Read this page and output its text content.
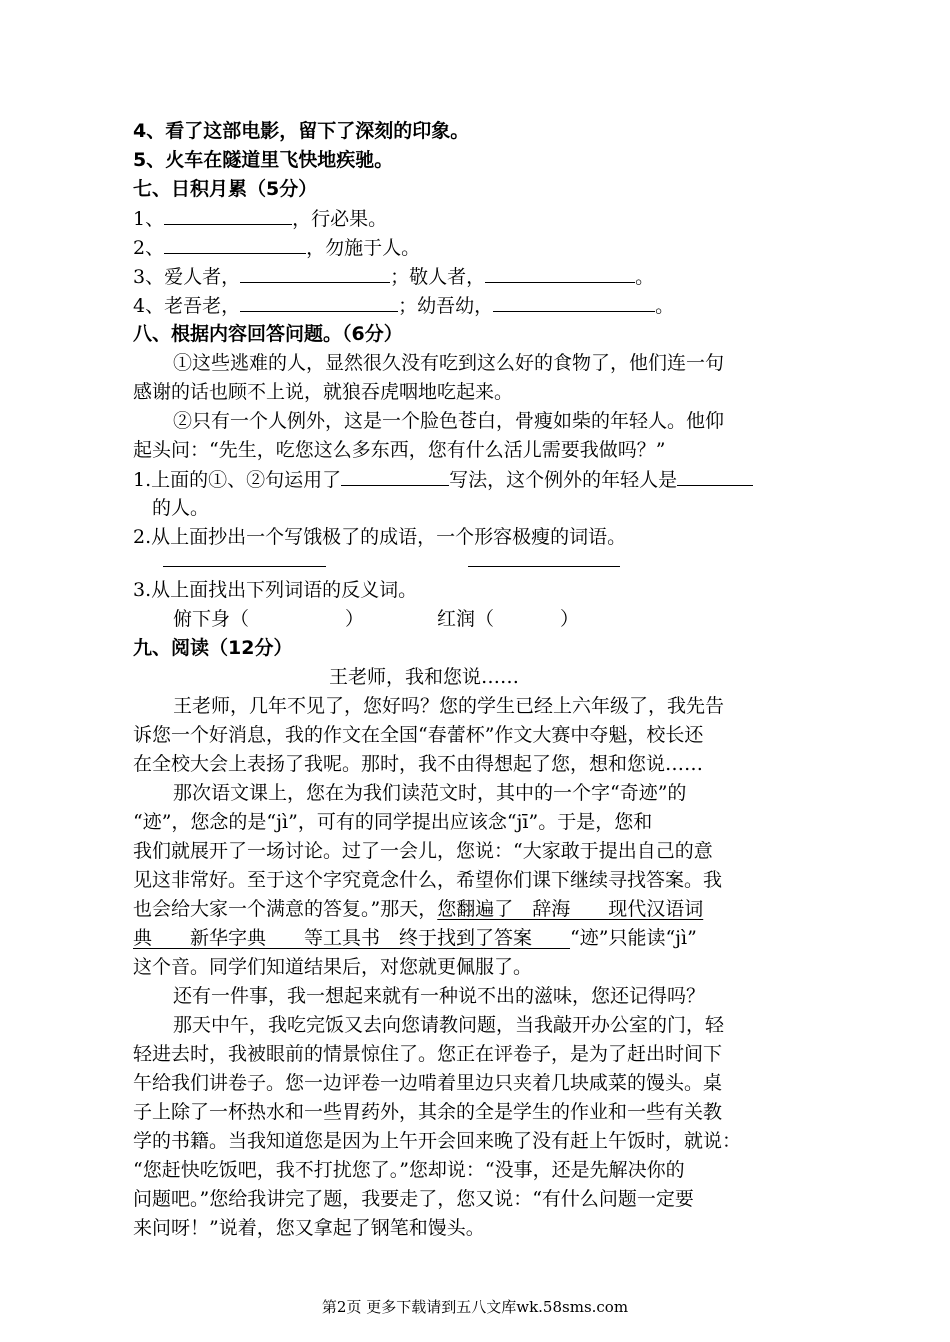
4、看了这部电影，留下了深刻的印象。
5、火车在隧道里飞快地疾驰。
七、日积月累（5分）
1、	，行必果。
2、	，勿施于人。
3、爱人者，	；敬人者，	。
4、老吾老，	；幼吾幼，	。
八、根据内容回答问题。（6分）
①这些逃难的人，显然很久没有吃到这么好的食物了，他们连一句
感谢的话也顾不上说，就狼吞虎咽地吃起来。
②只有一个人例外，这是一个脸色苍白，骨瘦如柴的年轻人。他仰
起头问：“先生，吃您这么多东西，您有什么活儿需要我做吗？”
1.上面的①、②句运用了	写法，这个例外的年轻人是
的人。
2.从上面抄出一个写饿极了的成语，一个形容极瘦的词语。
3.从上面找出下列词语的反义词。
俯下身（	）	红润（	）
九、阅读（12分）
王老师，我和您说……
王老师，几年不见了，您好吗？您的学生已经上六年级了，我先告
诉您一个好消息，我的作文在全国“春蕾杯”作文大赛中夺魁，校长还
在全校大会上表扬了我呢。那时，我不由得想起了您，想和您说……
那次语文课上，您在为我们读范文时，其中的一个字“奇迹”的
“迹”，您念的是“jì”，可有的同学提出应该念“jī”。于是，您和
我们就展开了一场讨论。过了一会儿，您说：“大家敢于提出自己的意
见这非常好。至于这个字究竟念什么，希望你们课下继续寻找答案。我
也会给大家一个满意的答复。”那天，您翻遍了　辞海　　现代汉语词
典　　新华字典　　等工具书　终于找到了答案　　“迹”只能读“jì”
这个音。同学们知道结果后，对您就更佩服了。
还有一件事，我一想起来就有一种说不出的滋味，您还记得吗？
那天中午，我吃完饭又去向您请教问题，当我敲开办公室的门，轻
轻进去时，我被眼前的情景惊住了。您正在评卷子，是为了赶出时间下
午给我们讲卷子。您一边评卷一边啃着里边只夹着几块咸菜的馒头。桌
子上除了一杯热水和一些胃药外，其余的全是学生的作业和一些有关教
学的书籍。当我知道您是因为上午开会回来晚了没有赶上午饭时，就说：
“您赶快吃饭吧，我不打扰您了。”您却说：“没事，还是先解决你的
问题吧。”您给我讲完了题，我要走了，您又说：“有什么问题一定要
来问呀！”说着，您又拿起了钢笔和馒头。
第2页 更多下载请到五八文库wk.58sms.com
